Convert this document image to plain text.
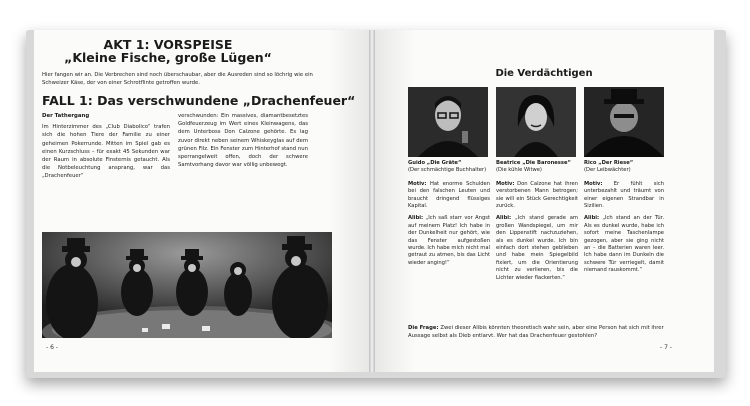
AKT 1: VORSPEISE
„Kleine Fische, große Lügen“
Hier fangen wir an. Die Verbrechen sind noch überschaubar, aber die Ausreden sind so löchrig wie ein Schweizer Käse, der von einer Schrotflinte getroffen wurde.
FALL 1: Das verschwundene „Drachenfeuer“
Der Tathergang

Im Hinterzimmer des „Club Diabolico“ trafen sich die hohen Tiere der Familie zu einer geheimen Pokerrunde. Mitten im Spiel gab es einen Kurzschluss – für exakt 45 Sekunden war der Raum in absolute Finsternis getaucht. Als die Notbeleuchtung ansprang, war das „Drachenfeuer“

verschwunden: Ein massives, diamantbesetztes Goldfeuerzeug im Wert eines Kleinwagens, das dem Unterboss Don Calzone gehörte. Es lag zuvor direkt neben seinem Whiskeyglas auf dem grünen Filz. Ein Fenster zum Hinterhof stand nun sperrangelweit offen, doch der schwere Samtvorhang davor war völlig unbewegt.

- 6 -
Die Verdächtigen
Guido „Die Gräte“
(Der schmächtige Buchhalter)

Motiv: Hat enorme Schulden bei den falschen Leuten und braucht dringend flüssiges Kapital.

Alibi: „Ich saß starr vor Angst auf meinem Platz! Ich habe in der Dunkelheit nur gehört, wie das Fenster aufgestoßen wurde. Ich habe mich nicht mal getraut zu atmen, bis das Licht wieder anging!“

Beatrice „Die Baronesse“
(Die kühle Witwe)

Motiv: Don Calzone hat ihren verstorbenen Mann betrogen; sie will ein Stück Gerechtigkeit zurück.

Alibi: „Ich stand gerade am großen Wandspiegel, um mir den Lippenstift nachzuziehen, als es dunkel wurde. Ich bin einfach dort stehen geblieben und habe mein Spiegelbild fixiert, um die Orientierung nicht zu verlieren, bis die Lichter wieder flackerten.“

Rico „Der Riese“
(Der Leibwächter)

Motiv: Er fühlt sich unterbezahlt und träumt von einer eigenen Strandbar in Sizilien.

Alibi: „Ich stand an der Tür. Als es dunkel wurde, habe ich sofort meine Taschenlampe gezogen, aber sie ging nicht an – die Batterien waren leer. Ich habe dann im Dunkeln die schwere Tür verriegelt, damit niemand rauskommt.“

Die Frage: Zwei dieser Alibis könnten theoretisch wahr sein, aber eine Person hat sich mit ihrer Aussage selbst als Dieb entlarvt. Wer hat das Drachenfeuer gestohlen?
- 7 -
